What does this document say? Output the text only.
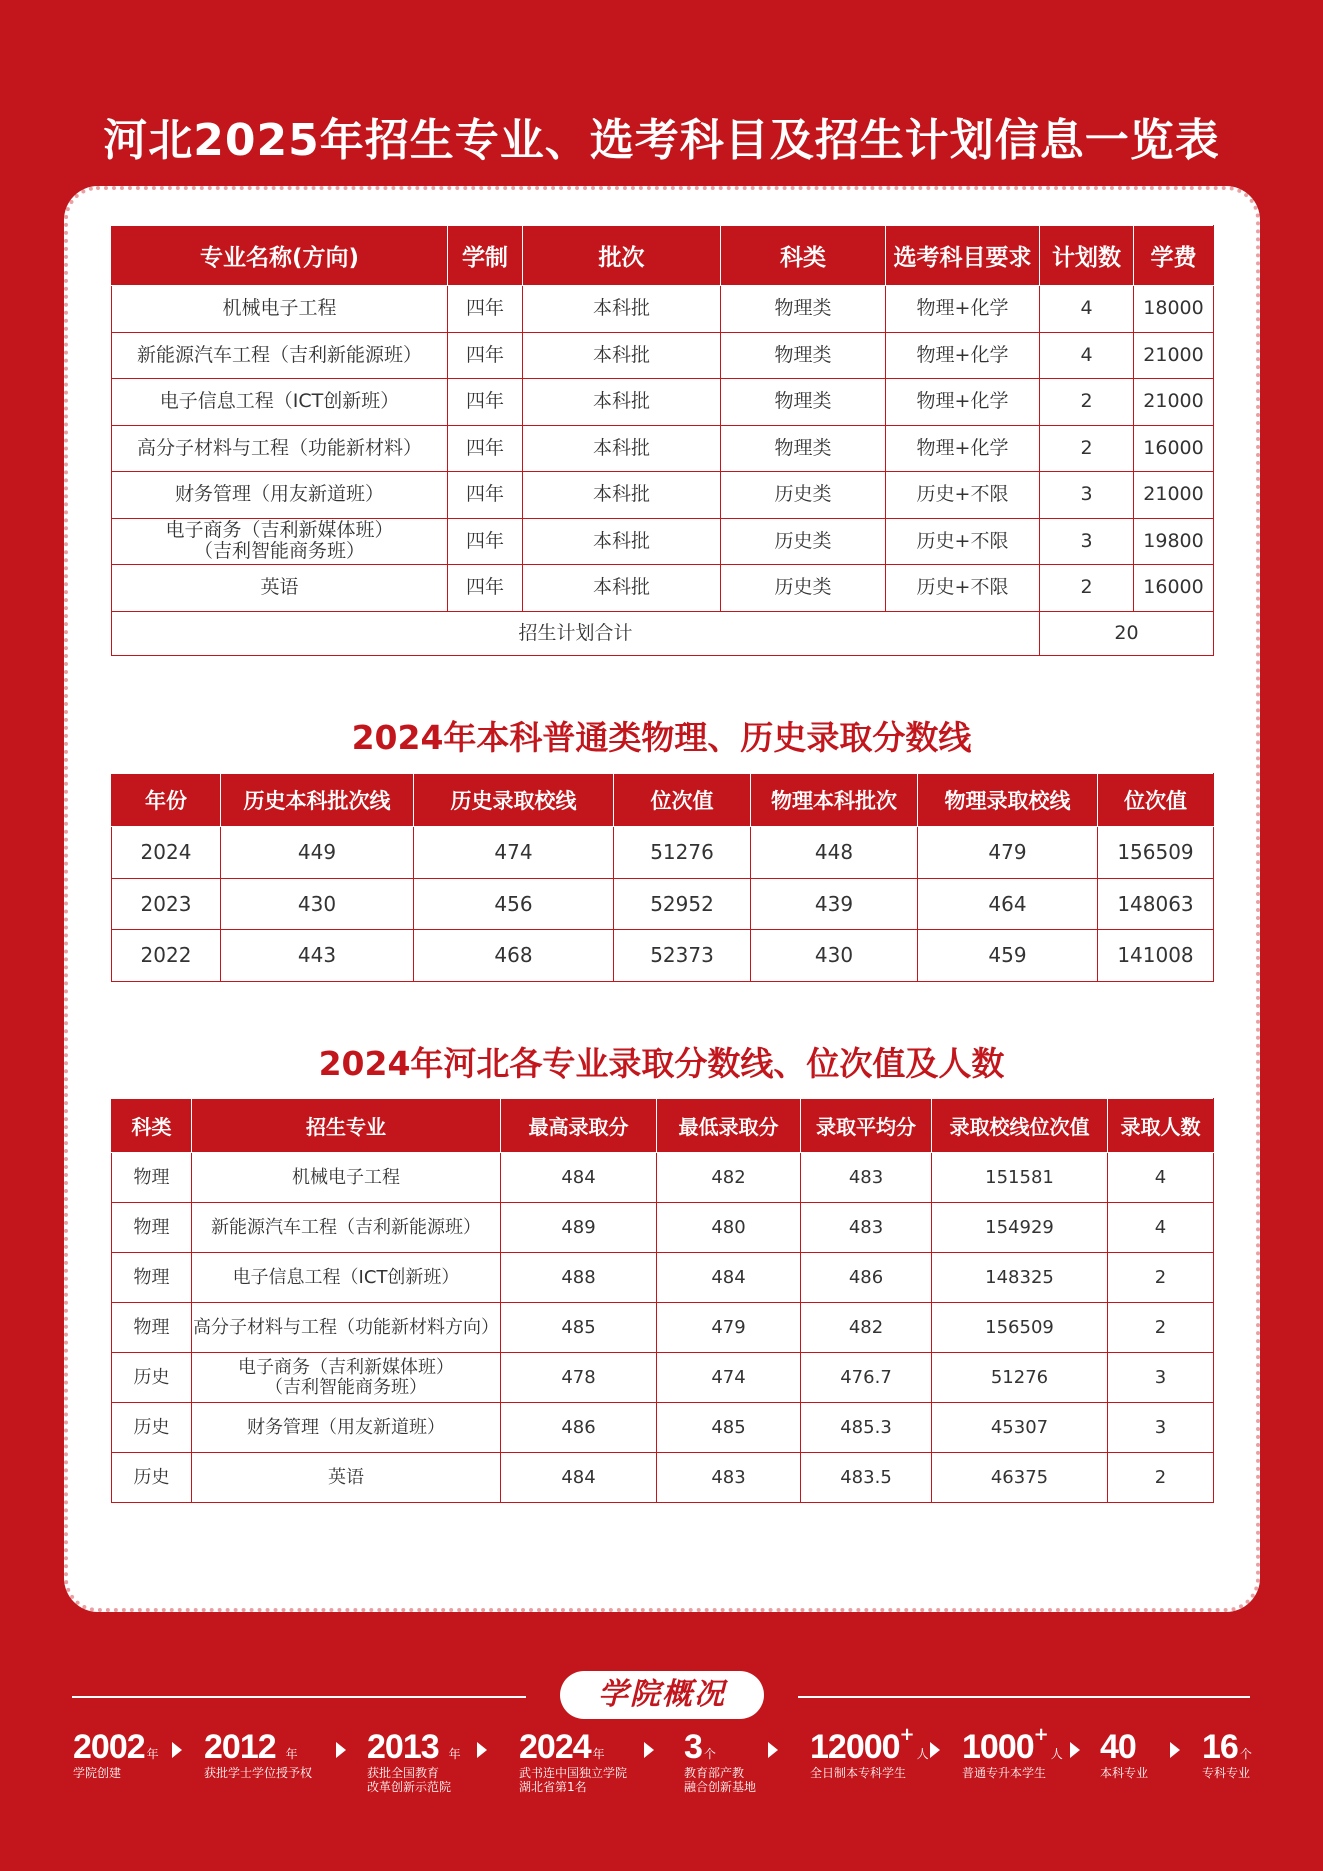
河北2025年招生专业、选考科目及招生计划信息一览表
专业名称(方向)	学制	批次	科类	选考科目要求	计划数	学费
机械电子工程	四年	本科批	物理类	物理+化学	4	18000
新能源汽车工程（吉利新能源班）	四年	本科批	物理类	物理+化学	4	21000
电子信息工程（ICT创新班）	四年	本科批	物理类	物理+化学	2	21000
高分子材料与工程（功能新材料）	四年	本科批	物理类	物理+化学	2	16000
财务管理（用友新道班）	四年	本科批	历史类	历史+不限	3	21000

电子商务（吉利新媒体班）
（吉利智能商务班）	四年	本科批	历史类	历史+不限	3	19800
英语	四年	本科批	历史类	历史+不限	2	16000
招生计划合计					20	
2024年本科普通类物理、历史录取分数线
年份	历史本科批次线	历史录取校线	位次值	物理本科批次	物理录取校线	位次值
2024	449	474	51276	448	479	156509
2023	430	456	52952	439	464	148063
2022	443	468	52373	430	459	141008
2024年河北各专业录取分数线、位次值及人数
科类	招生专业	最高录取分	最低录取分	录取平均分	录取校线位次值	录取人数
物理	机械电子工程	484	482	483	151581	4
物理	新能源汽车工程（吉利新能源班）	489	480	483	154929	4
物理	电子信息工程（ICT创新班）	488	484	486	148325	2
物理	高分子材料与工程（功能新材料方向）	485	479	482	156509	2
历史	电子商务（吉利新媒体班）
（吉利智能商务班）	478	474	476.7	51276	3
历史	财务管理（用友新道班）	486	485	485.3	45307	3
历史	英语	484	483	483.5	46375	2
学院概况
2002 年
学院创建
2012 年
获批学士学位授予权
2013 年
获批全国教育
改革创新示范院
2024 年
武书连中国独立学院
湖北省第1名
3 个
教育部产教
融合创新基地
12000+人
全日制本专科学生
1000+人
普通专升本学生
40
本科专业
16 个
专科专业
